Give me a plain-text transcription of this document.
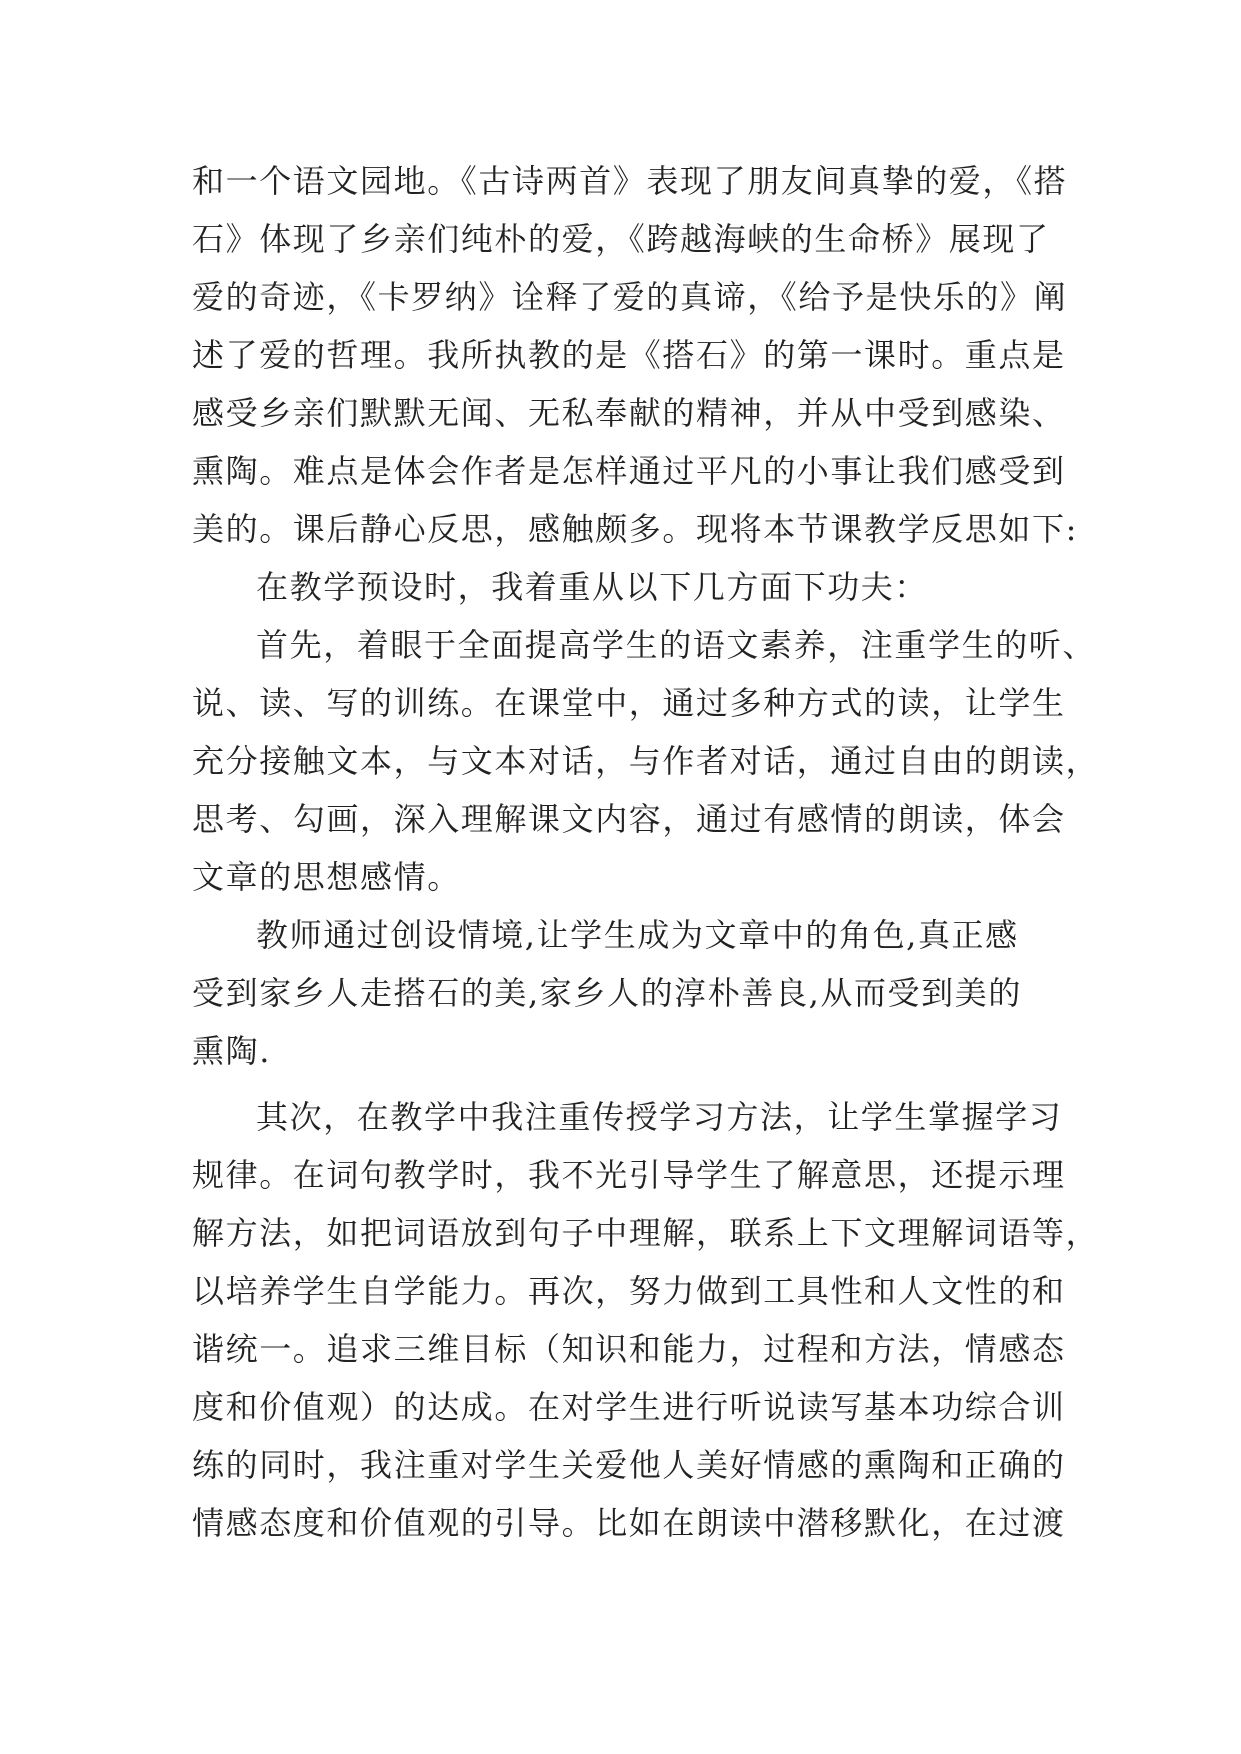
和一个语文园地。《古诗两首》表现了朋友间真挚的爱，《搭
石》体现了乡亲们纯朴的爱，《跨越海峡的生命桥》展现了
爱的奇迹，《卡罗纳》诠释了爱的真谛，《给予是快乐的》阐
述了爱的哲理。我所执教的是《搭石》的第一课时。重点是
感受乡亲们默默无闻、无私奉献的精神，并从中受到感染、
熏陶。难点是体会作者是怎样通过平凡的小事让我们感受到
美的。课后静心反思，感触颇多。现将本节课教学反思如下:
在教学预设时，我着重从以下几方面下功夫：
首先，着眼于全面提高学生的语文素养，注重学生的听、
说、读、写的训练。在课堂中，通过多种方式的读，让学生
充分接触文本，与文本对话，与作者对话，通过自由的朗读，
思考、勾画，深入理解课文内容，通过有感情的朗读，体会
文章的思想感情。
教师通过创设情境,让学生成为文章中的角色,真正感
受到家乡人走搭石的美,家乡人的淳朴善良,从而受到美的
熏陶.
其次，在教学中我注重传授学习方法，让学生掌握学习
规律。在词句教学时，我不光引导学生了解意思，还提示理
解方法，如把词语放到句子中理解，联系上下文理解词语等，
以培养学生自学能力。再次，努力做到工具性和人文性的和
谐统一。追求三维目标（知识和能力，过程和方法，情感态
度和价值观）的达成。在对学生进行听说读写基本功综合训
练的同时，我注重对学生关爱他人美好情感的熏陶和正确的
情感态度和价值观的引导。比如在朗读中潜移默化，在过渡
